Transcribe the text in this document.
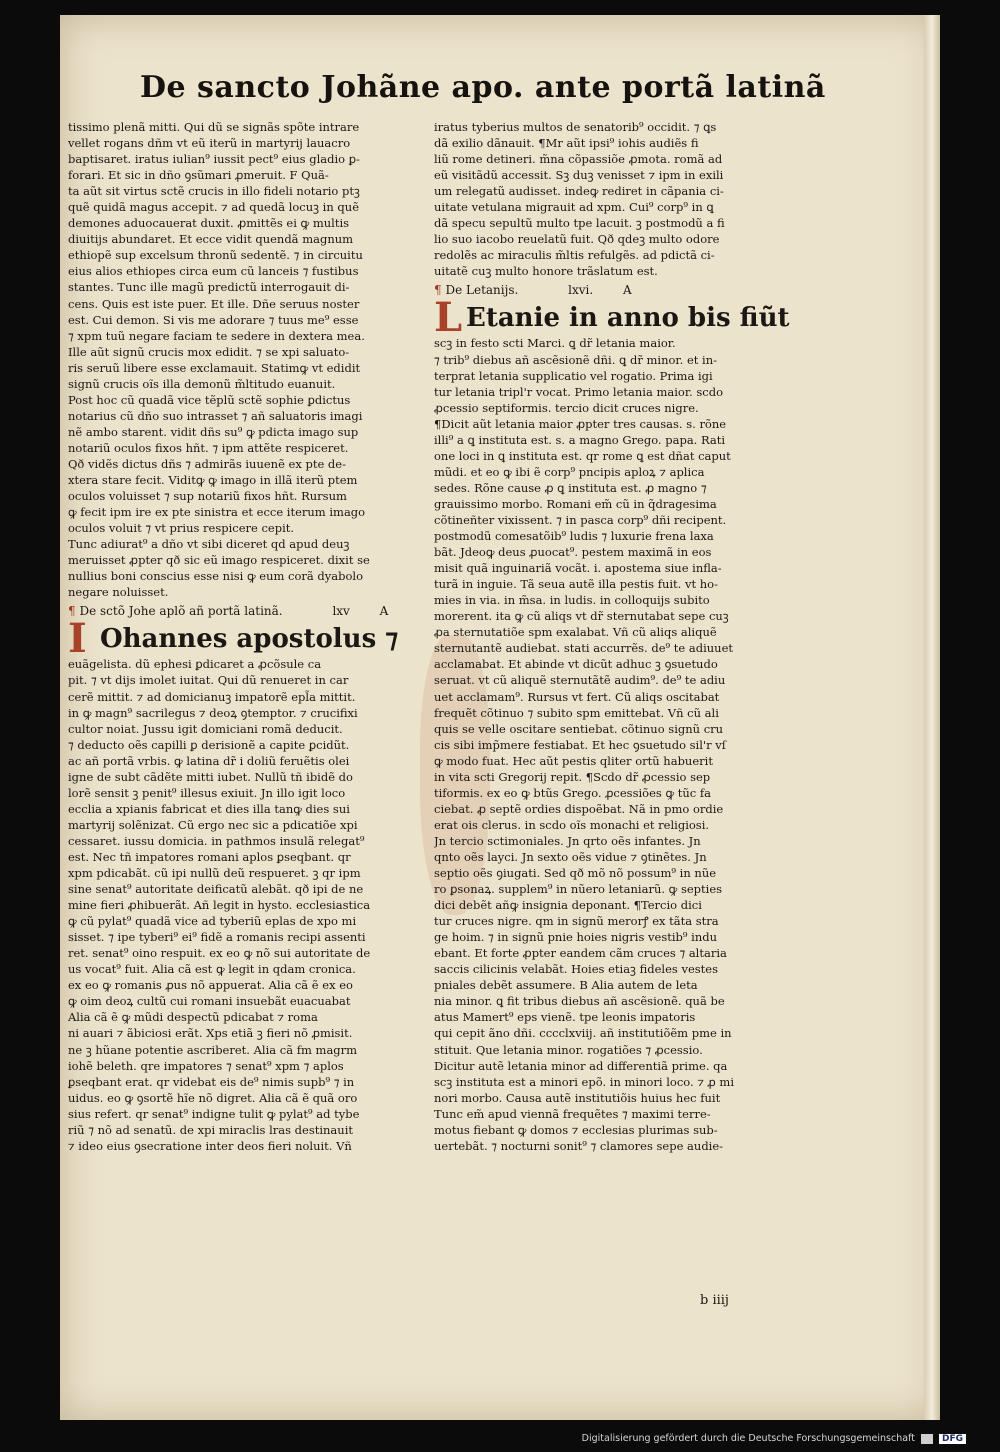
De sancto Johãne apo. ante portã latinã
tissimo plenã mitti. Qui dũ se signãs spõte intrare
vellet rogans dñm vt eũ iterũ in martyrij lauacro
baptisaret. iratus iulian⁹ iussit pect⁹ eius gladio ꝑ-
forari. Et sic in dño ꝯsũmari ꝓmeruit. F Quã-
ta aũt sit virtus sctẽ crucis in illo fideli notario ptꝫ
quẽ quidã magus accepit. ⁊ ad quedã locuꝫ in quẽ
demones aduocauerat duxit. ꝓmittẽs ei ꝙ multis
diuitijs abundaret. Et ecce vidit quendã magnum
ethiopẽ sup excelsum thronũ sedentẽ. ⁊ in circuitu
eius alios ethiopes circa eum cũ lanceis ⁊ fustibus
stantes. Tunc ille magũ predictũ interrogauit di-
cens. Quis est iste puer. Et ille. Dñe seruus noster
est. Cui demon. Si vis me adorare ⁊ tuus me⁹ esse
⁊ xpm tuũ negare faciam te sedere in dextera mea.
Ille aũt signũ crucis mox edidit. ⁊ se xpi saluato-
ris seruũ libere esse exclamauit. Statimꝙ vt edidit
signũ crucis oĩs illa demonũ m̃ltitudo euanuit.
Post hoc cũ quadã vice tẽplũ sctẽ sophie ꝑdictus
notarius cũ dño suo intrasset ⁊ añ saluatoris imagi
nẽ ambo starent. vidit dñs su⁹ ꝙ pdicta imago sup
notariũ oculos fixos hñt. ⁊ ipm attẽte respiceret.
Qð vidẽs dictus dñs ⁊ admirãs iuuenẽ ex pte de-
xtera stare fecit. Viditꝙ ꝙ imago in illã iterũ ptem
oculos voluisset ⁊ sup notariũ fixos hñt. Rursum
ꝙ fecit ipm ire ex pte sinistra et ecce iterum imago
oculos voluit ⁊ vt prius respicere cepit.
Tunc adiurat⁹ a dño vt sibi diceret qd apud deuꝫ
meruisset ꝓpter qð sic eũ imago respiceret. dixit se
nullius boni conscius esse nisi ꝙ eum corã dyabolo
negare noluisset.
¶ De sctõ Johe aplõ añ portã latinã.	lxv A
I Ohannes apostolus ⁊
euãgelista. dũ ephesi ꝑdicaret a ꝓcõsule ca
pit. ⁊ vt dijs imolet iuitat. Qui dũ renueret in car
cerẽ mittit. ⁊ ad domicianuꝫ impatorẽ epl̃a mittit.
in ꝙ magn⁹ sacrilegus ⁊ deoꝝ ꝯtemptor. ⁊ crucifixi
cultor noiat. Jussu igit domiciani romã deducit.
⁊ deducto oẽs capilli ꝑ derisionẽ a capite ꝑcidũt.
ac añ portã vrbis. ꝙ latina dr̃ i doliũ feruẽtis olei
igne de subt cãdẽte mitti iubet. Nullũ tñ ibidẽ do
lorẽ sensit ꝫ penit⁹ illesus exiuit. Jn illo igit loco
ecclia a xpianis fabricat et dies illa tanꝙ dies sui
martyrij solẽnizat. Cũ ergo nec sic a pdicatiõe xpi
cessaret. iussu domicia. in pathmos insulã relegat⁹
est. Nec tñ impatores romani aplos ꝑseqbant. qr
xpm pdicabãt. cũ ipi nullũ deũ respueret. ꝫ qr ipm
sine senat⁹ autoritate deificatũ alebãt. qð ipi de ne
mine fieri ꝓhibuerãt. Añ legit in hysto. ecclesiastica
ꝙ cũ pylat⁹ quadã vice ad tyberiũ eplas de xpo mi
sisset. ⁊ ipe tyberi⁹ ei⁹ fidẽ a romanis recipi assenti
ret. senat⁹ oino respuit. ex eo ꝙ nõ sui autoritate de
us vocat⁹ fuit. Alia cã est ꝙ legit in qdam cronica.
ex eo ꝙ romanis ꝓus nõ appuerat. Alia cã ẽ ex eo
ꝙ oim deoꝝ cultũ cui romani insuebãt euacuabat
Alia cã ẽ ꝙ mũdi despectũ pdicabat ⁊ roma
ni auari ⁊ ãbiciosi erãt. Xps etiã ꝫ fieri nõ ꝓmisit.
ne ꝫ hũane potentie ascriberet. Alia cã fm magrm
iohẽ beleth. qre impatores ⁊ senat⁹ xpm ⁊ aplos
ꝑseqbant erat. qr videbat eis de⁹ nimis supb⁹ ⁊ in
uidus. eo ꝙ ꝯsortẽ hĩe nõ digret. Alia cã ẽ quã oro
sius refert. qr senat⁹ indigne tulit ꝙ pylat⁹ ad tybe
riũ ⁊ nõ ad senatũ. de xpi miraclis lras destinauit
⁊ ideo eius ꝯsecratione inter deos fieri noluit. Vñ
iratus tyberius multos de senatorib⁹ occidit. ⁊ ꝗs
dã exilio dãnauit. ¶Mr aũt ipsi⁹ iohis audiẽs fi
liũ rome detineri. m̃na cõpassiõe ꝓmota. romã ad
eũ visitãdũ accessit. Sꝫ duꝫ venisset ⁊ ipm in exili
um relegatũ audisset. indeꝙ rediret in cãpania ci-
uitate vetulana migrauit ad xpm. Cui⁹ corp⁹ in ꝗ
dã specu sepultũ multo tpe lacuit. ꝫ postmodũ a fi
lio suo iacobo reuelatũ fuit. Qð qdeꝫ multo odore
redolẽs ac miraculis m̃ltis refulgẽs. ad pdictã ci-
uitatẽ cuꝫ multo honore trãslatum est.
¶ De Letanijs.	lxvi. A
L Etanie in anno bis fiũt
scꝫ in festo scti Marci. ꝗ dr̃ letania maior.
⁊ trib⁹ diebus añ ascẽsionẽ dñi. ꝗ dr̃ minor. et in-
terprat letania supplicatio vel rogatio. Prima igi
tur letania tripl'r vocat. Primo letania maior. scdo
ꝓcessio septiformis. tercio dicit cruces nigre.
¶Dicit aũt letania maior ꝓpter tres causas. s. rõne
illi⁹ a ꝗ instituta est. s. a magno Grego. papa. Rati
one loci in ꝗ instituta est. qr rome ꝗ est dñat caput
mũdi. et eo ꝙ ibi ẽ corp⁹ pncipis aploꝝ ⁊ aplica
sedes. Rõne cause ꝓ ꝗ instituta est. ꝓ magno ⁊
grauissimo morbo. Romani em̃ cũ in q̃dragesima
cõtineñter vixissent. ⁊ in pasca corp⁹ dñi recipent.
postmodũ comesatõib⁹ ludis ⁊ luxurie frena laxa
bãt. Jdeoꝙ deus ꝓuocat⁹. pestem maximã in eos
misit quã inguinariã vocãt. i. apostema siue infla-
turã in inguie. Tã seua autẽ illa pestis fuit. vt ho-
mies in via. in m̃sa. in ludis. in colloquijs subito
morerent. ita ꝙ cũ aliqs vt dr̃ sternutabat sepe cuꝫ
ꝓa sternutatiõe spm exalabat. Vñ cũ aliqs aliquẽ
sternutantẽ audiebat. stati accurrẽs. de⁹ te adiuuet
acclamabat. Et abinde vt dicũt adhuc ꝫ ꝯsuetudo
seruat. vt cũ aliquẽ sternutãtẽ audim⁹. de⁹ te adiu
uet acclamam⁹. Rursus vt fert. Cũ aliqs oscitabat
frequẽt cõtinuo ⁊ subito spm emittebat. Vñ cũ ali
quis se velle oscitare sentiebat. cõtinuo signũ cru
cis sibi imp̃mere festiabat. Et hec ꝯsuetudo sil'r vſ
ꝙ modo fuat. Hec aũt pestis qliter ortũ habuerit
in vita scti Gregorij repit. ¶Scdo dr̃ ꝓcessio sep
tiformis. ex eo ꝙ btũs Grego. ꝓcessiões ꝙ tũc fa
ciebat. ꝓ septẽ ordies dispoẽbat. Nã in pmo ordie
erat ois clerus. in scdo oĩs monachi et religiosi.
Jn tercio sctimoniales. Jn qrto oẽs infantes. Jn
qnto oẽs layci. Jn sexto oẽs vidue ⁊ ꝯtinẽtes. Jn
septio oẽs ꝯiugati. Sed qð mõ nõ possum⁹ in nũe
ro ꝑsonaꝝ. supplem⁹ in nũero letaniarũ. ꝙ septies
dici debẽt añꝙ insignia deponant. ¶Tercio dici
tur cruces nigre. qm in signũ merorꝭ ex tãta stra
ge hoim. ⁊ in signũ pnie hoies nigris vestib⁹ indu
ebant. Et forte ꝓpter eandem cãm cruces ⁊ altaria
saccis cilicinis velabãt. Hoies etiaꝫ fideles vestes
pniales debẽt assumere. B Alia autem de leta
nia minor. ꝗ fit tribus diebus añ ascẽsionẽ. quã be
atus Mamert⁹ eps vienẽ. tpe leonis impatoris
qui cepit ãno dñi. cccclxviij. añ institutiõẽm pme in
stituit. Que letania minor. rogatiões ⁊ ꝓcessio.
Dicitur autẽ letania minor ad differentiã prime. qa
scꝫ instituta est a minori epõ. in minori loco. ⁊ ꝓ mi
nori morbo. Causa autẽ institutiõis huius hec fuit
Tunc em̃ apud viennã frequẽtes ⁊ maximi terre-
motus fiebant ꝙ domos ⁊ ecclesias plurimas sub-
uertebãt. ⁊ nocturni sonit⁹ ⁊ clamores sepe audie-
b iiij
Digitalisierung gefördert durch die Deutsche Forschungsgemeinschaft	DFG
